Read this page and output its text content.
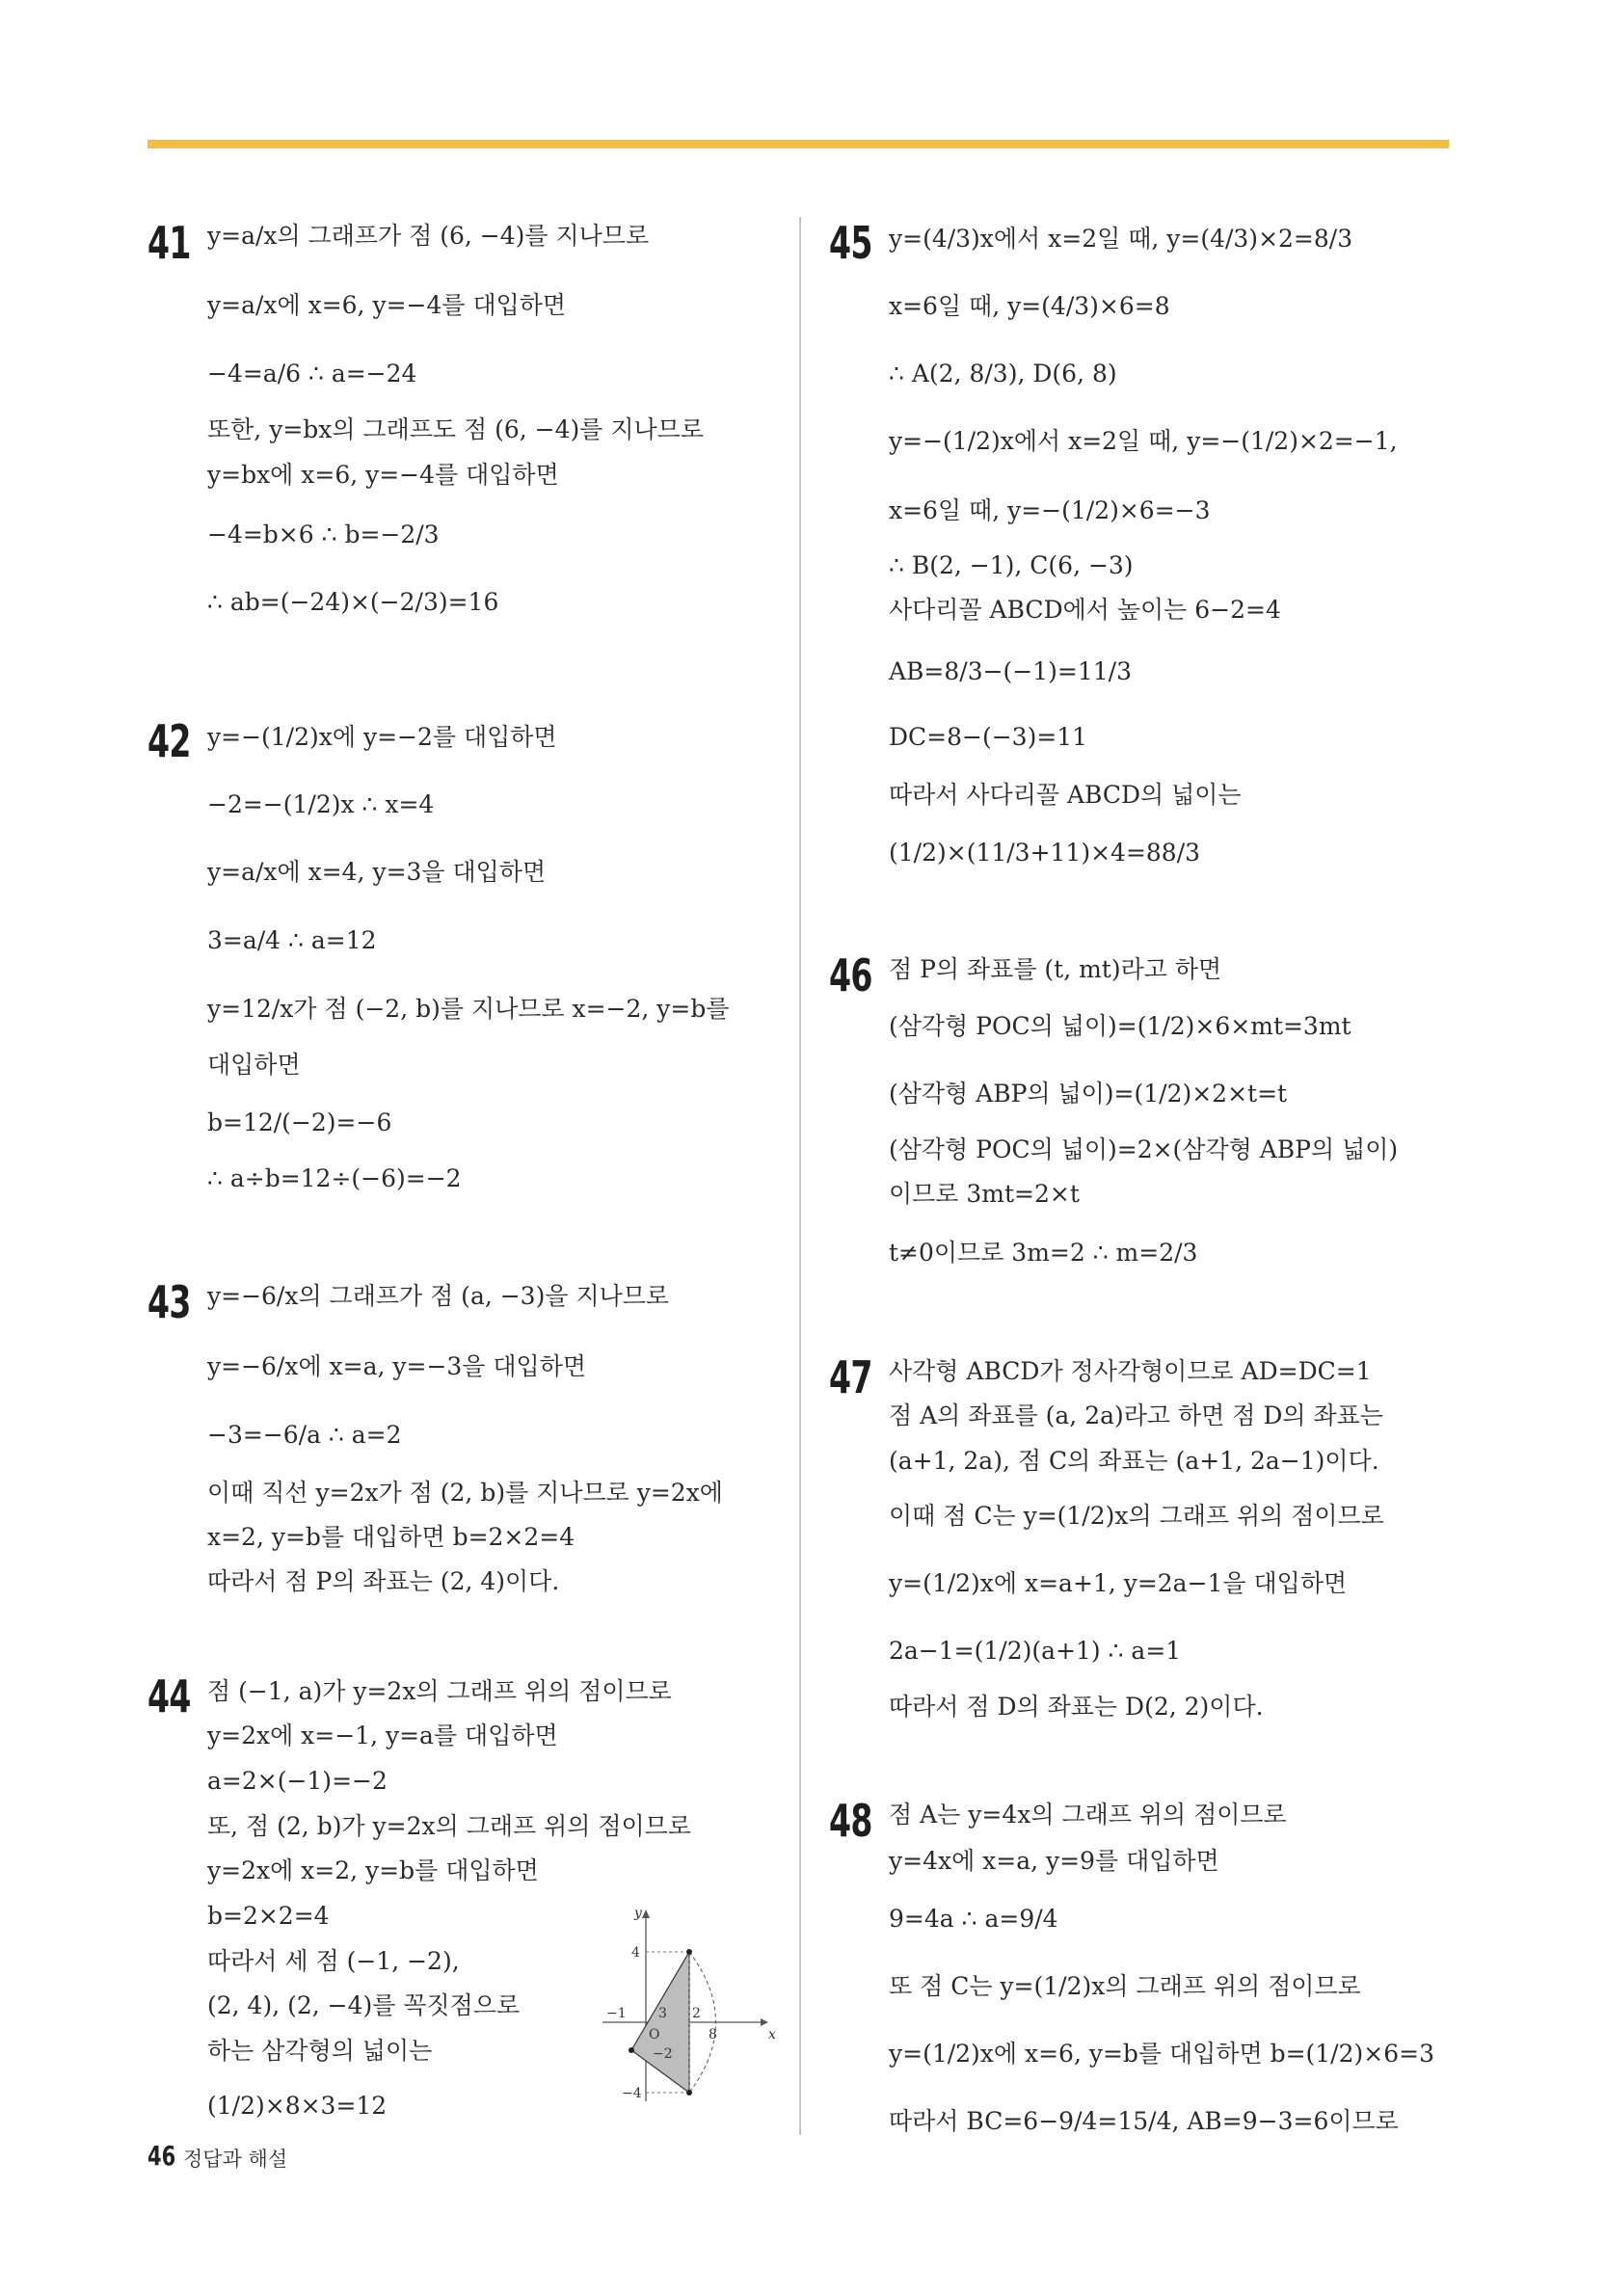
41 y=a/x의 그래프가 점 (6, −4)를 지나므로
y=a/x에 x=6, y=−4를 대입하면
−4=a/6 ∴ a=−24
또한, y=bx의 그래프도 점 (6, −4)를 지나므로
y=bx에 x=6, y=−4를 대입하면
−4=b×6 ∴ b=−2/3
∴ ab=(−24)×(−2/3)=16
42 y=−(1/2)x에 y=−2를 대입하면
−2=−(1/2)x ∴ x=4
y=a/x에 x=4, y=3을 대입하면
3=a/4 ∴ a=12
y=12/x가 점 (−2, b)를 지나므로 x=−2, y=b를
대입하면
b=12/(−2)=−6
∴ a÷b=12÷(−6)=−2
43 y=−6/x의 그래프가 점 (a, −3)을 지나므로
y=−6/x에 x=a, y=−3을 대입하면
−3=−6/a ∴ a=2
이때 직선 y=2x가 점 (2, b)를 지나므로 y=2x에
x=2, y=b를 대입하면 b=2×2=4
따라서 점 P의 좌표는 (2, 4)이다.
44 점 (−1, a)가 y=2x의 그래프 위의 점이므로
y=2x에 x=−1, y=a를 대입하면
a=2×(−1)=−2
또, 점 (2, b)가 y=2x의 그래프 위의 점이므로
y=2x에 x=2, y=b를 대입하면
b=2×2=4
따라서 세 점 (−1, −2),
(2, 4), (2, −4)를 꼭짓점으로
하는 삼각형의 넓이는
(1/2)×8×3=12
x
y
O
4
−1 3 2
8
−2
−4
45 y=(4/3)x에서 x=2일 때, y=(4/3)×2=8/3
x=6일 때, y=(4/3)×6=8
∴ A(2, 8/3), D(6, 8)
y=−(1/2)x에서 x=2일 때, y=−(1/2)×2=−1,
x=6일 때, y=−(1/2)×6=−3
∴ B(2, −1), C(6, −3)
사다리꼴 ABCD에서 높이는 6−2=4
AB=8/3−(−1)=11/3
DC=8−(−3)=11
따라서 사다리꼴 ABCD의 넓이는
(1/2)×(11/3+11)×4=88/3
46 점 P의 좌표를 (t, mt)라고 하면
(삼각형 POC의 넓이)=(1/2)×6×mt=3mt
(삼각형 ABP의 넓이)=(1/2)×2×t=t
(삼각형 POC의 넓이)=2×(삼각형 ABP의 넓이)
이므로 3mt=2×t
t≠0이므로 3m=2 ∴ m=2/3
47 사각형 ABCD가 정사각형이므로 AD=DC=1
점 A의 좌표를 (a, 2a)라고 하면 점 D의 좌표는
(a+1, 2a), 점 C의 좌표는 (a+1, 2a−1)이다.
이때 점 C는 y=(1/2)x의 그래프 위의 점이므로
y=(1/2)x에 x=a+1, y=2a−1을 대입하면
2a−1=(1/2)(a+1) ∴ a=1
따라서 점 D의 좌표는 D(2, 2)이다.
48 점 A는 y=4x의 그래프 위의 점이므로
y=4x에 x=a, y=9를 대입하면
9=4a ∴ a=9/4
또 점 C는 y=(1/2)x의 그래프 위의 점이므로
y=(1/2)x에 x=6, y=b를 대입하면 b=(1/2)×6=3
따라서 BC=6−9/4=15/4, AB=9−3=6이므로
46 정답과 해설
